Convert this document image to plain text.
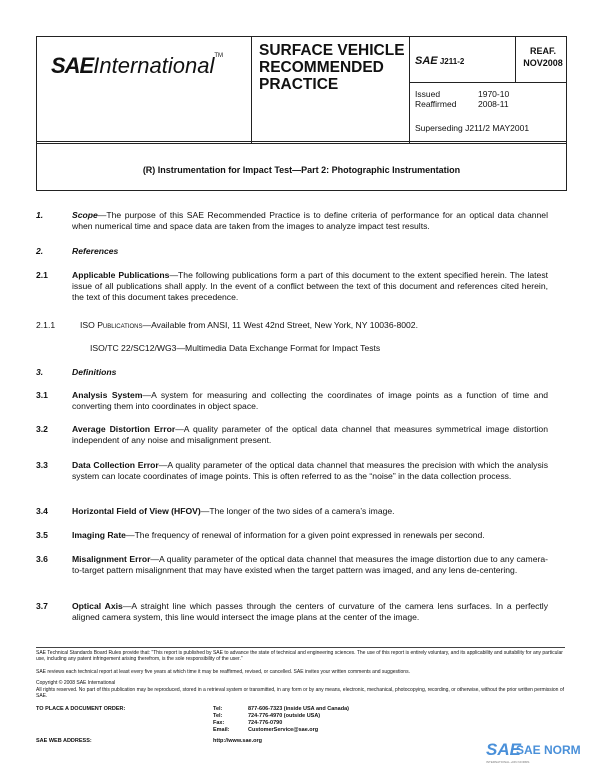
SAEInternational™ SURFACE VEHICLE RECOMMENDED PRACTICE
SAE J211-2
REAF.
NOV2008
Issued	1970-10
Reaffirmed	2008-11
Superseding J211/2 MAY2001
(R) Instrumentation for Impact Test—Part 2: Photographic Instrumentation
1.	Scope—The purpose of this SAE Recommended Practice is to define criteria of performance for an optical data channel when numerical time and space data are taken from the images to analyze impact test results.
2.	References
2.1	Applicable Publications—The following publications form a part of this document to the extent specified herein. The latest issue of all publications shall apply. In the event of a conflict between the text of this document and references cited herein, the text of this document takes precedence.
2.1.1	ISO Publications—Available from ANSI, 11 West 42nd Street, New York, NY 10036-8002.
ISO/TC 22/SC12/WG3—Multimedia Data Exchange Format for Impact Tests
3.	Definitions
3.1	Analysis System—A system for measuring and collecting the coordinates of image points as a function of time and converting them into coordinates in object space.
3.2	Average Distortion Error—A quality parameter of the optical data channel that measures symmetrical image distortion independent of any noise and misalignment present.
3.3	Data Collection Error—A quality parameter of the optical data channel that measures the precision with which the analysis system can locate coordinates of image points. This is often referred to as the “noise” in the data collection process.
3.4	Horizontal Field of View (HFOV)—The longer of the two sides of a camera’s image.
3.5	Imaging Rate—The frequency of renewal of information for a given point expressed in renewals per second.
3.6	Misalignment Error—A quality parameter of the optical data channel that measures the image distortion due to any camera-to-target pattern misalignment that may have existed when the target pattern was imaged, and any lens de-centering.
3.7	Optical Axis—A straight line which passes through the centers of curvature of the camera lens surfaces. In a perfectly aligned camera system, this line would intersect the image plans at the center of the image.
SAE Technical Standards Board Rules provide that: “This report is published by SAE to advance the state of technical and engineering sciences. The use of this report is entirely voluntary, and its applicability and suitability for any particular use, including any patent infringement arising therefrom, is the sole responsibility of the user.”
SAE reviews each technical report at least every five years at which time it may be reaffirmed, revised, or cancelled. SAE invites your written comments and suggestions.
Copyright © 2008 SAE International
All rights reserved. No part of this publication may be reproduced, stored in a retrieval system or transmitted, in any form or by any means, electronic, mechanical, photocopying, recording, or otherwise, without the prior written permission of SAE.
TO PLACE A DOCUMENT ORDER:	Tel:	877-606-7323 (inside USA and Canada)
Tel:	724-776-4970 (outside USA)
Fax:	724-776-0790
Email:	CustomerService@sae.org
SAE WEB ADDRESS:	http://www.sae.org	SAE
SAE NORM
INTERNATIONAL +DIN NORMS
